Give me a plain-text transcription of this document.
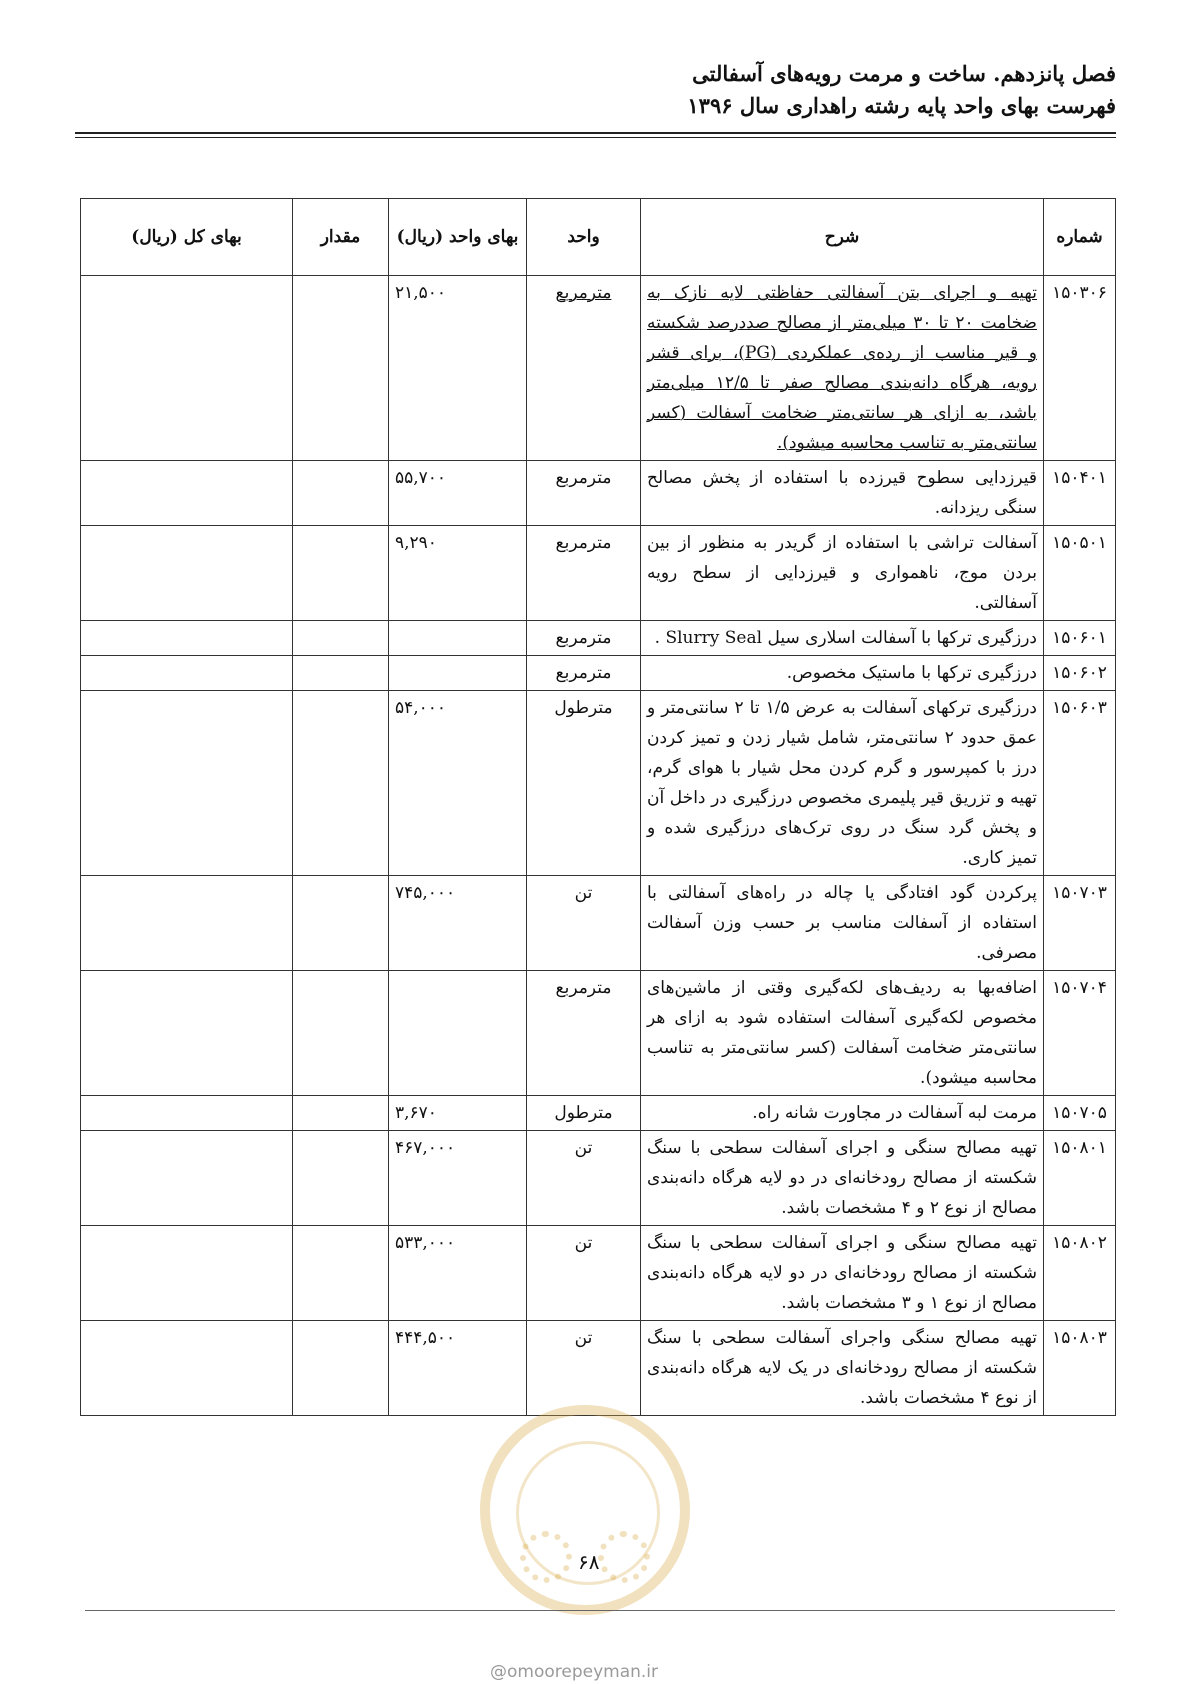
فصل پانزدهم. ساخت و مرمت رویه‌های آسفالتی
فهرست بهای واحد پایه رشته راهداری سال ۱۳۹۶
شماره	شرح	واحد	بهای واحد (ریال)	مقدار	بهای کل (ریال)
۱۵۰۳۰۶	تهیه و اجرای بتن آسفالتی حفاظتی لایه نازک به ضخامت ۲۰ تا ۳۰ میلی‌متر از مصالح صددرصد شکسته و قیر مناسب از رده‌ی عملکردی (PG)، برای قشر رویه، هرگاه دانه‌بندی مصالح صفر تا ۱۲/۵ میلی‌متر باشد، به ازای هر سانتی‌متر ضخامت آسفالت (کسر سانتی‌متر به تناسب محاسبه میشود).	مترمربع	۲۱,۵۰۰		
۱۵۰۴۰۱	قیرزدایی سطوح قیرزده با استفاده از پخش مصالح سنگی ریزدانه.	مترمربع	۵۵,۷۰۰		
۱۵۰۵۰۱	آسفالت تراشی با استفاده از گریدر به منظور از بین بردن موج، ناهمواری و قیرزدایی از سطح رویه آسفالتی.	مترمربع	۹,۲۹۰		
۱۵۰۶۰۱	درزگیری ترکها با آسفالت اسلاری سیل Slurry Seal .	مترمربع			
۱۵۰۶۰۲	درزگیری ترکها با ماستیک مخصوص.	مترمربع			
۱۵۰۶۰۳	درزگیری ترکهای آسفالت به عرض ۱/۵ تا ۲ سانتی‌متر و عمق حدود ۲ سانتی‌متر، شامل شیار زدن و تمیز کردن درز با کمپرسور و گرم کردن محل شیار با هوای گرم، تهیه و تزریق قیر پلیمری مخصوص درزگیری در داخل آن و پخش گرد سنگ در روی ترک‌های درزگیری شده و تمیز کاری.	مترطول	۵۴,۰۰۰		
۱۵۰۷۰۳	پرکردن گود افتادگی یا چاله در راه‌های آسفالتی با استفاده از آسفالت مناسب بر حسب وزن آسفالت مصرفی.	تن	۷۴۵,۰۰۰		
۱۵۰۷۰۴	اضافه‌بها به ردیف‌های لکه‌گیری وقتی از ماشین‌های مخصوص لکه‌گیری آسفالت استفاده شود به ازای هر سانتی‌متر ضخامت آسفالت (کسر سانتی‌متر به تناسب محاسبه میشود).	مترمربع			
۱۵۰۷۰۵	مرمت لبه آسفالت در مجاورت شانه راه.	مترطول	۳,۶۷۰		
۱۵۰۸۰۱	تهیه مصالح سنگی و اجرای آسفالت سطحی با سنگ شکسته از مصالح رودخانه‌ای در دو لایه هرگاه دانه‌بندی مصالح از نوع ۲ و ۴ مشخصات باشد.	تن	۴۶۷,۰۰۰		
۱۵۰۸۰۲	تهیه مصالح سنگی و اجرای آسفالت سطحی با سنگ شکسته از مصالح رودخانه‌ای در دو لایه هرگاه دانه‌بندی مصالح از نوع ۱ و ۳ مشخصات باشد.	تن	۵۳۳,۰۰۰		
۱۵۰۸۰۳	تهیه مصالح سنگی واجرای آسفالت سطحی با سنگ شکسته از مصالح رودخانه‌ای در یک لایه هرگاه دانه‌بندی از نوع ۴ مشخصات باشد.	تن	۴۴۴,۵۰۰		
۶۸
@omoorepeyman.ir
